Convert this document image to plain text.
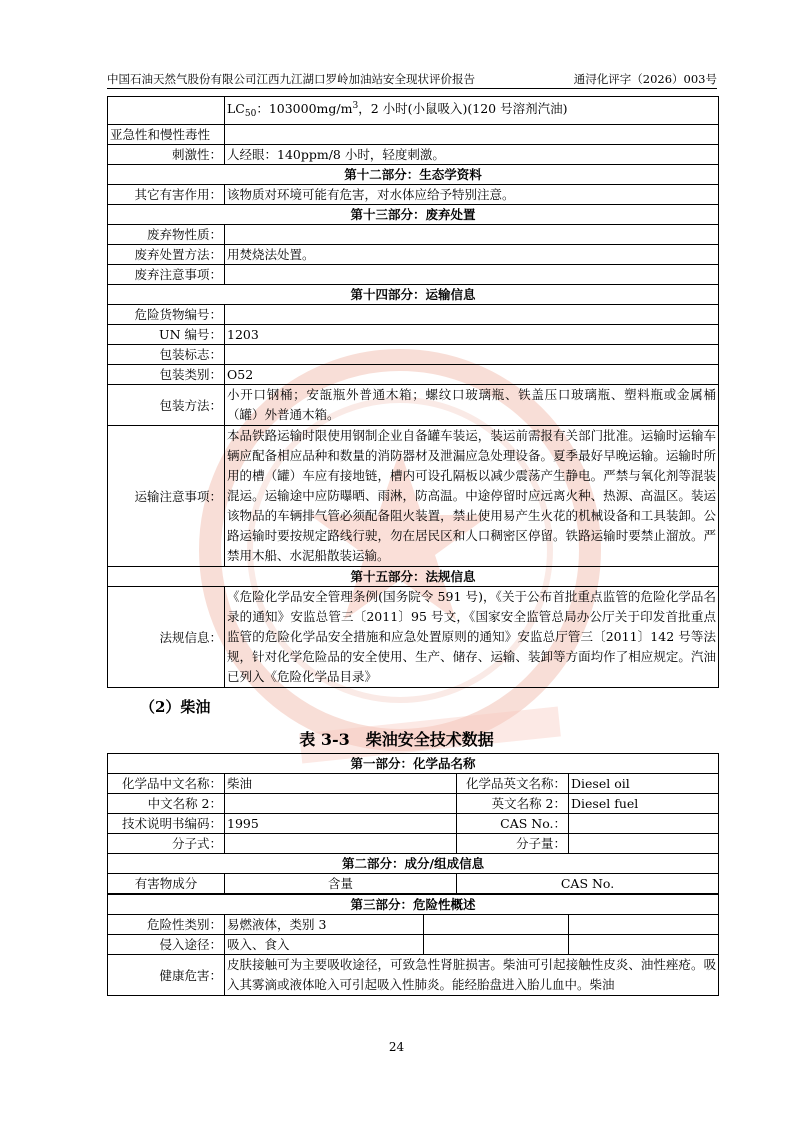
中国石油天然气股份有限公司江西九江湖口罗岭加油站安全现状评价报告	通浔化评字（2026）003号
	$LC_{50}$：$103000mg/m^3$，2 小时(小鼠吸入)(120 号溶剂汽油)
亚急性和慢性毒性	
刺激性：	人经眼：140ppm/8 小时，轻度刺激。
第十二部分：生态学资料	
其它有害作用：	该物质对环境可能有危害，对水体应给予特别注意。
第十三部分：废弃处置	
废弃物性质：	
废弃处置方法：	用焚烧法处置。
废弃注意事项：	
第十四部分：运输信息	
危险货物编号：	
UN 编号：	1203
包装标志：	
包装类别：	O52
包装方法：	小开口钢桶；安瓿瓶外普通木箱；螺纹口玻璃瓶、铁盖压口玻璃瓶、塑料瓶或金属桶（罐）外普通木箱。
运输注意事项：	本品铁路运输时限使用钢制企业自备罐车装运，装运前需报有关部门批准。运输时运输车辆应配备相应品种和数量的消防器材及泄漏应急处理设备。夏季最好早晚运输。运输时所用的槽（罐）车应有接地链，槽内可设孔隔板以减少震荡产生静电。严禁与氧化剂等混装混运。运输途中应防曝晒、雨淋，防高温。中途停留时应远离火种、热源、高温区。装运该物品的车辆排气管必须配备阻火装置，禁止使用易产生火花的机械设备和工具装卸。公路运输时要按规定路线行驶，勿在居民区和人口稠密区停留。铁路运输时要禁止溜放。严禁用木船、水泥船散装运输。
第十五部分：法规信息	
法规信息：	《危险化学品安全管理条例(国务院令 591 号)，《关于公布首批重点监管的危险化学品名录的通知》安监总管三〔2011〕95 号文，《国家安全监管总局办公厅关于印发首批重点监管的危险化学品安全措施和应急处置原则的通知》安监总厅管三〔2011〕142 号等法规，针对化学危险品的安全使用、生产、储存、运输、装卸等方面均作了相应规定。汽油已列入《危险化学品目录》
（2）柴油
表 3-3　柴油安全技术数据
第一部分：化学品名称				
化学品中文名称：	柴油		化学品英文名称：	Diesel oil
中文名称 2：			英文名称 2：	Diesel fuel
技术说明书编码：	1995		CAS No.：	
分子式：			分子量：	
第二部分：成分/组成信息				
有害物成分	含量		CAS No.	

第三部分：危险性概述				
危险性类别：	易燃液体，类别 3			
侵入途径：	吸入、食入			
健康危害：	皮肤接触可为主要吸收途径，可致急性肾脏损害。柴油可引起接触性皮炎、油性痤疮。吸入其雾滴或液体呛入可引起吸入性肺炎。能经胎盘进入胎儿血中。柴油			
24
